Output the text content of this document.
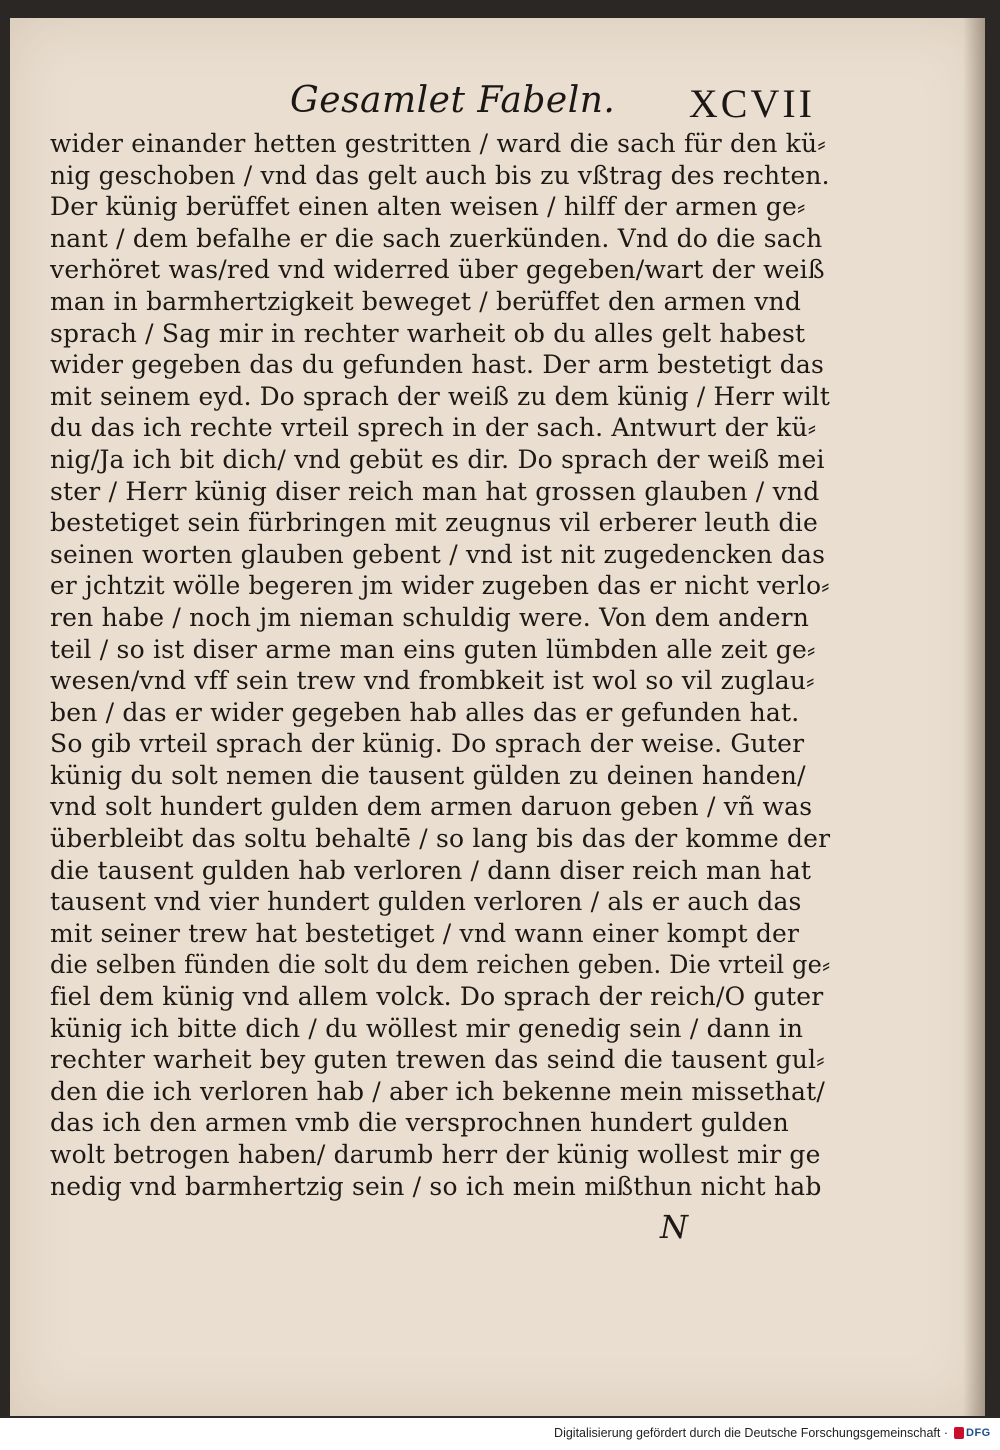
Gesamlet Fabeln. XCVII
wider einander hetten gestritten / ward die sach für den kü⸗
nig geschoben / vnd das gelt auch bis zu vßtrag des rechten.
Der künig berüffet einen alten weisen / hilff der armen ge⸗
nant / dem befalhe er die sach zuerkünden. Vnd do die sach
verhöret was/red vnd widerred über gegeben/wart der weiß
man in barmhertzigkeit beweget / berüffet den armen vnd
sprach / Sag mir in rechter warheit ob du alles gelt habest
wider gegeben das du gefunden hast. Der arm bestetigt das
mit seinem eyd. Do sprach der weiß zu dem künig / Herr wilt
du das ich rechte vrteil sprech in der sach. Antwurt der kü⸗
nig/Ja ich bit dich/ vnd gebüt es dir. Do sprach der weiß mei
ster / Herr künig diser reich man hat grossen glauben / vnd
bestetiget sein fürbringen mit zeugnus vil erberer leuth die
seinen worten glauben gebent / vnd ist nit zugedencken das
er jchtzit wölle begeren jm wider zugeben das er nicht verlo⸗
ren habe / noch jm nieman schuldig were. Von dem andern
teil / so ist diser arme man eins guten lümbden alle zeit ge⸗
wesen/vnd vff sein trew vnd frombkeit ist wol so vil zuglau⸗
ben / das er wider gegeben hab alles das er gefunden hat.
So gib vrteil sprach der künig. Do sprach der weise. Guter
künig du solt nemen die tausent gülden zu deinen handen/
vnd solt hundert gulden dem armen daruon geben / vñ was
überbleibt das soltu behaltē / so lang bis das der komme der
die tausent gulden hab verloren / dann diser reich man hat
tausent vnd vier hundert gulden verloren / als er auch das
mit seiner trew hat bestetiget / vnd wann einer kompt der
die selben fünden die solt du dem reichen geben. Die vrteil ge⸗
fiel dem künig vnd allem volck. Do sprach der reich/O guter
künig ich bitte dich / du wöllest mir genedig sein / dann in
rechter warheit bey guten trewen das seind die tausent gul⸗
den die ich verloren hab / aber ich bekenne mein missethat/
das ich den armen vmb die versprochnen hundert gulden
wolt betrogen haben/ darumb herr der künig wollest mir ge
nedig vnd barmhertzig sein / so ich mein mißthun nicht hab
N
Digitalisierung gefördert durch die Deutsche Forschungsgemeinschaft · DFG
